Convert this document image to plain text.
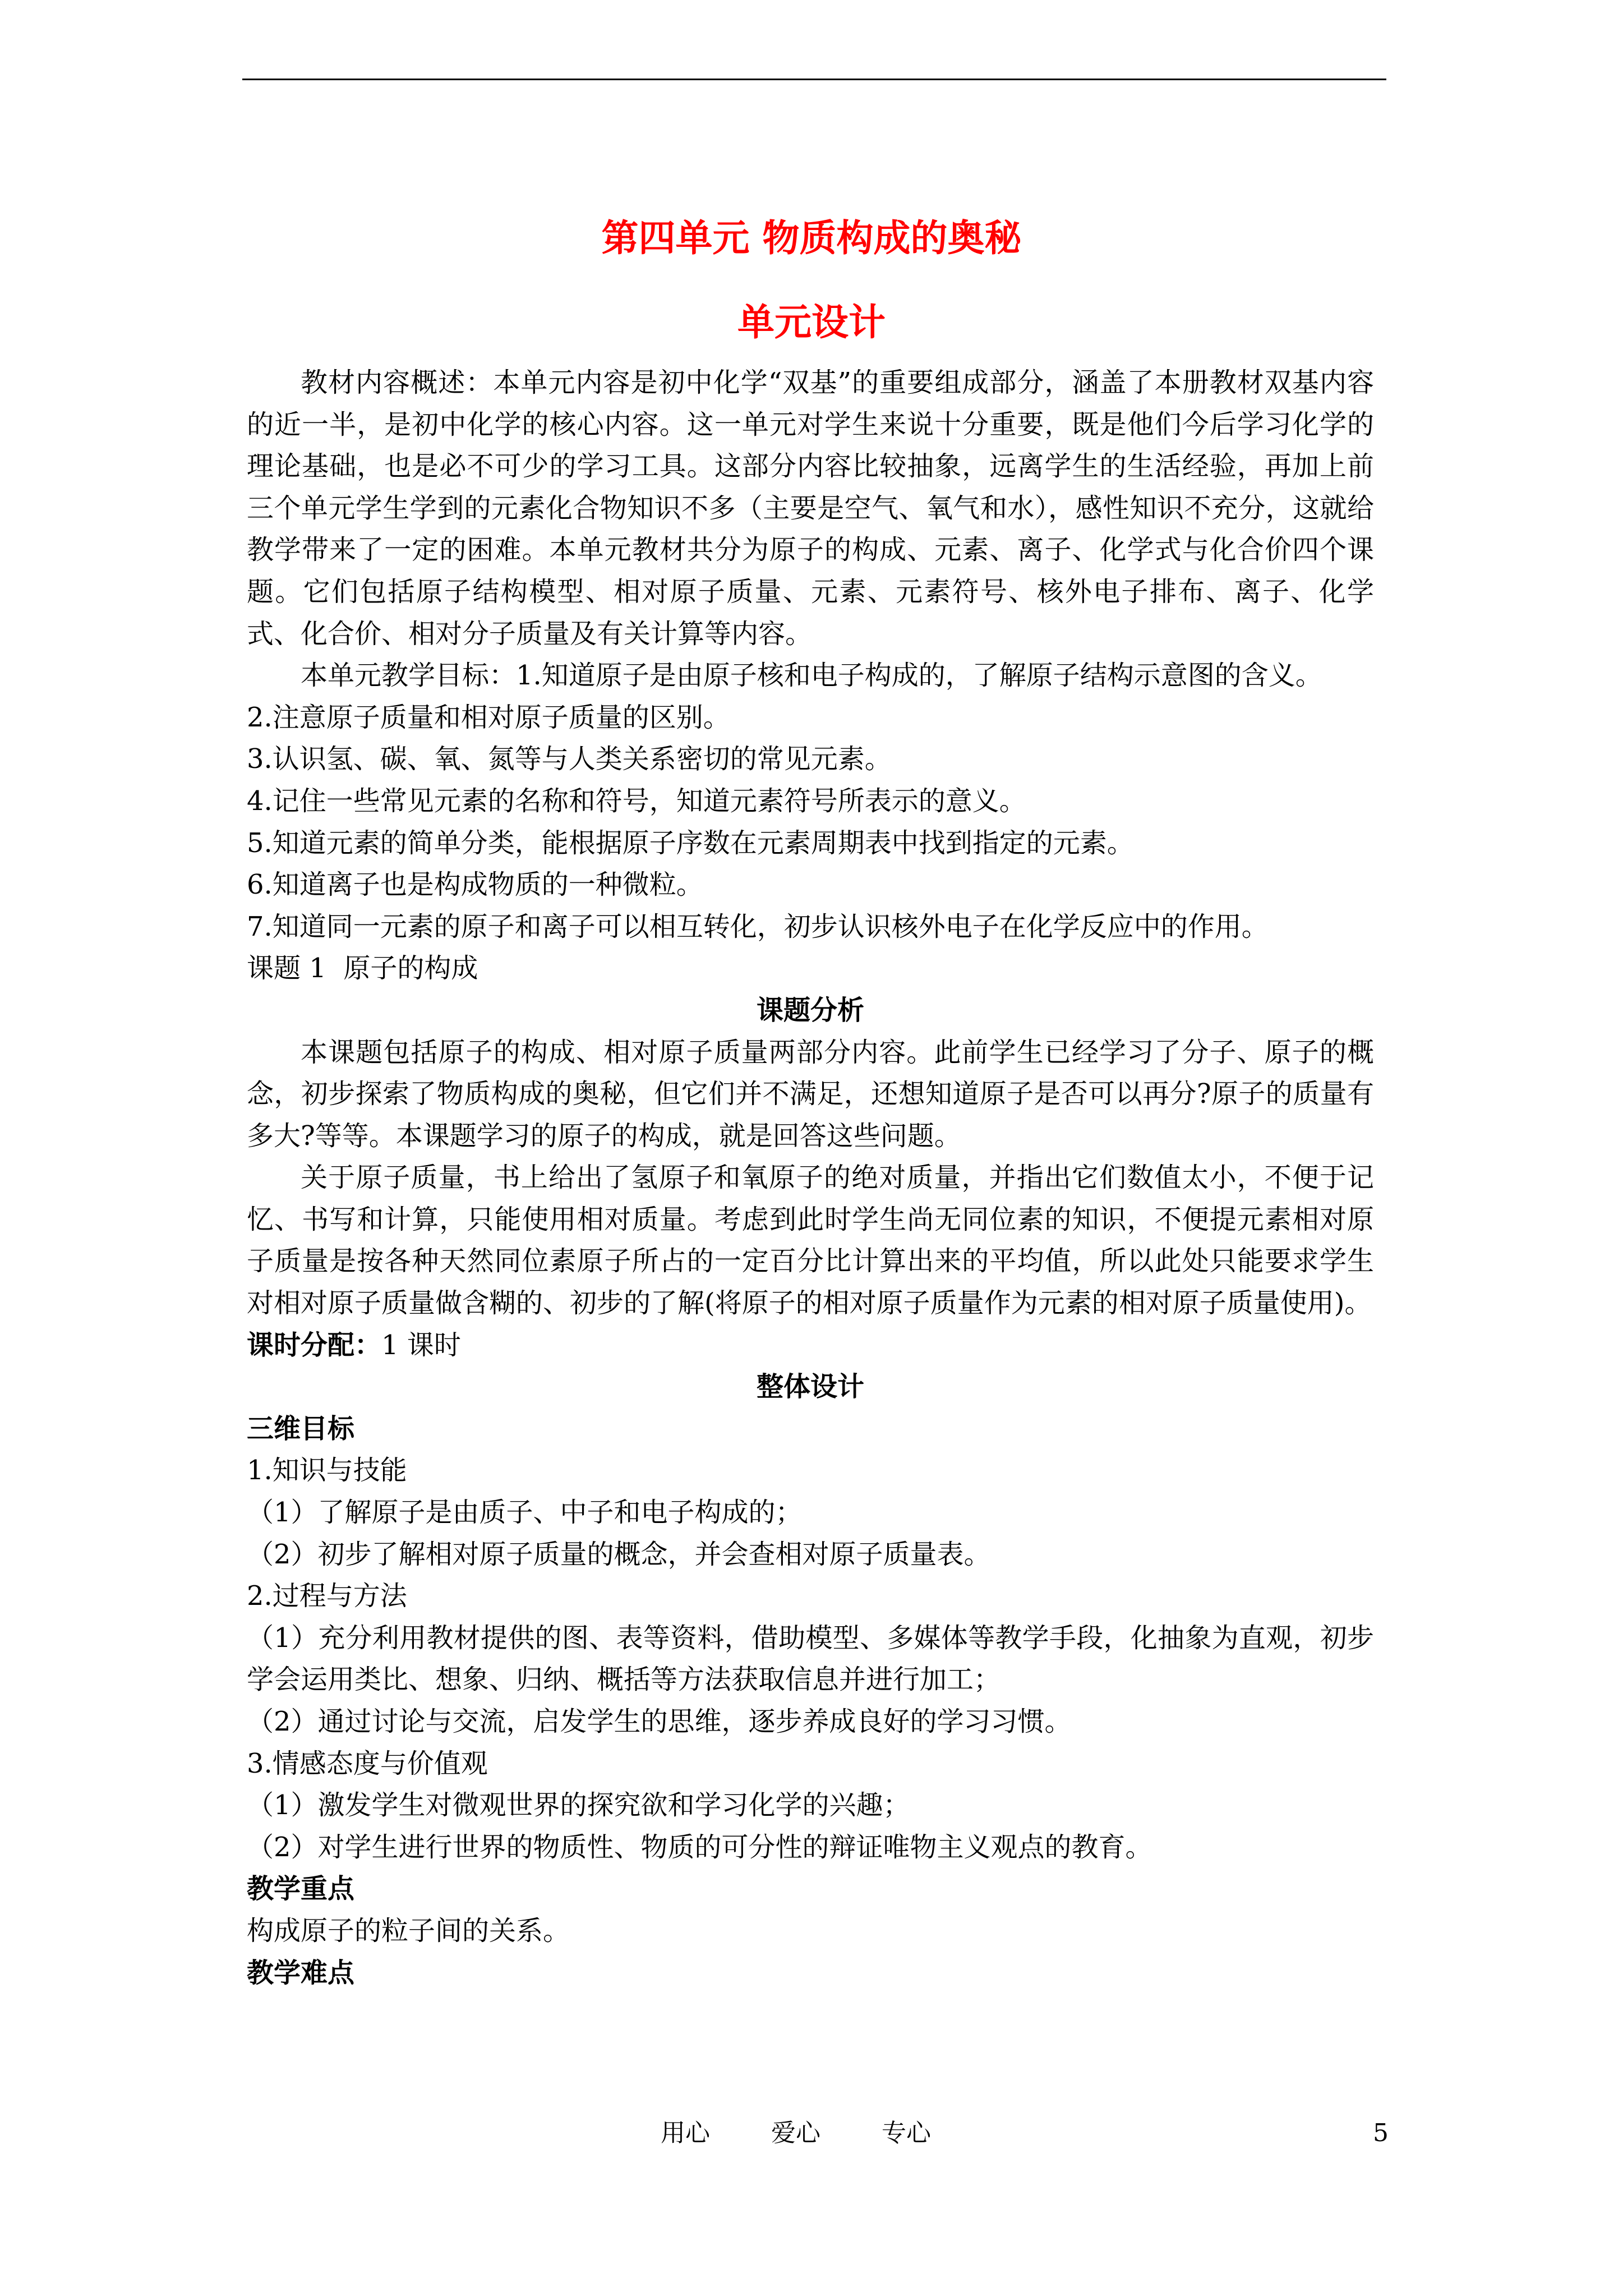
第四单元 物质构成的奥秘
单元设计

教材内容概述：本单元内容是初中化学“双基”的重要组成部分，涵盖了本册教材双基内容的近一半，是初中化学的核心内容。这一单元对学生来说十分重要，既是他们今后学习化学的理论基础，也是必不可少的学习工具。这部分内容比较抽象，远离学生的生活经验，再加上前三个单元学生学到的元素化合物知识不多（主要是空气、氧气和水），感性知识不充分，这就给教学带来了一定的困难。本单元教材共分为原子的构成、元素、离子、化学式与化合价四个课题。它们包括原子结构模型、相对原子质量、元素、元素符号、核外电子排布、离子、化学式、化合价、相对分子质量及有关计算等内容。

本单元教学目标：1.知道原子是由原子核和电子构成的，了解原子结构示意图的含义。

2.注意原子质量和相对原子质量的区别。

3.认识氢、碳、氧、氮等与人类关系密切的常见元素。

4.记住一些常见元素的名称和符号，知道元素符号所表示的意义。

5.知道元素的简单分类，能根据原子序数在元素周期表中找到指定的元素。

6.知道离子也是构成物质的一种微粒。

7.知道同一元素的原子和离子可以相互转化，初步认识核外电子在化学反应中的作用。

课题 1  原子的构成

课题分析

本课题包括原子的构成、相对原子质量两部分内容。此前学生已经学习了分子、原子的概念，初步探索了物质构成的奥秘，但它们并不满足，还想知道原子是否可以再分?原子的质量有多大?等等。本课题学习的原子的构成，就是回答这些问题。

关于原子质量，书上给出了氢原子和氧原子的绝对质量，并指出它们数值太小，不便于记忆、书写和计算，只能使用相对质量。考虑到此时学生尚无同位素的知识，不便提元素相对原子质量是按各种天然同位素原子所占的一定百分比计算出来的平均值，所以此处只能要求学生对相对原子质量做含糊的、初步的了解(将原子的相对原子质量作为元素的相对原子质量使用)。

课时分配：1 课时

整体设计

三维目标

1.知识与技能

（1）了解原子是由质子、中子和电子构成的；

（2）初步了解相对原子质量的概念，并会查相对原子质量表。

2.过程与方法

（1）充分利用教材提供的图、表等资料，借助模型、多媒体等教学手段，化抽象为直观，初步学会运用类比、想象、归纳、概括等方法获取信息并进行加工；

（2）通过讨论与交流，启发学生的思维，逐步养成良好的学习习惯。

3.情感态度与价值观

（1）激发学生对微观世界的探究欲和学习化学的兴趣；

（2）对学生进行世界的物质性、物质的可分性的辩证唯物主义观点的教育。

教学重点

构成原子的粒子间的关系。

教学难点

用心 爱心 专心	5
